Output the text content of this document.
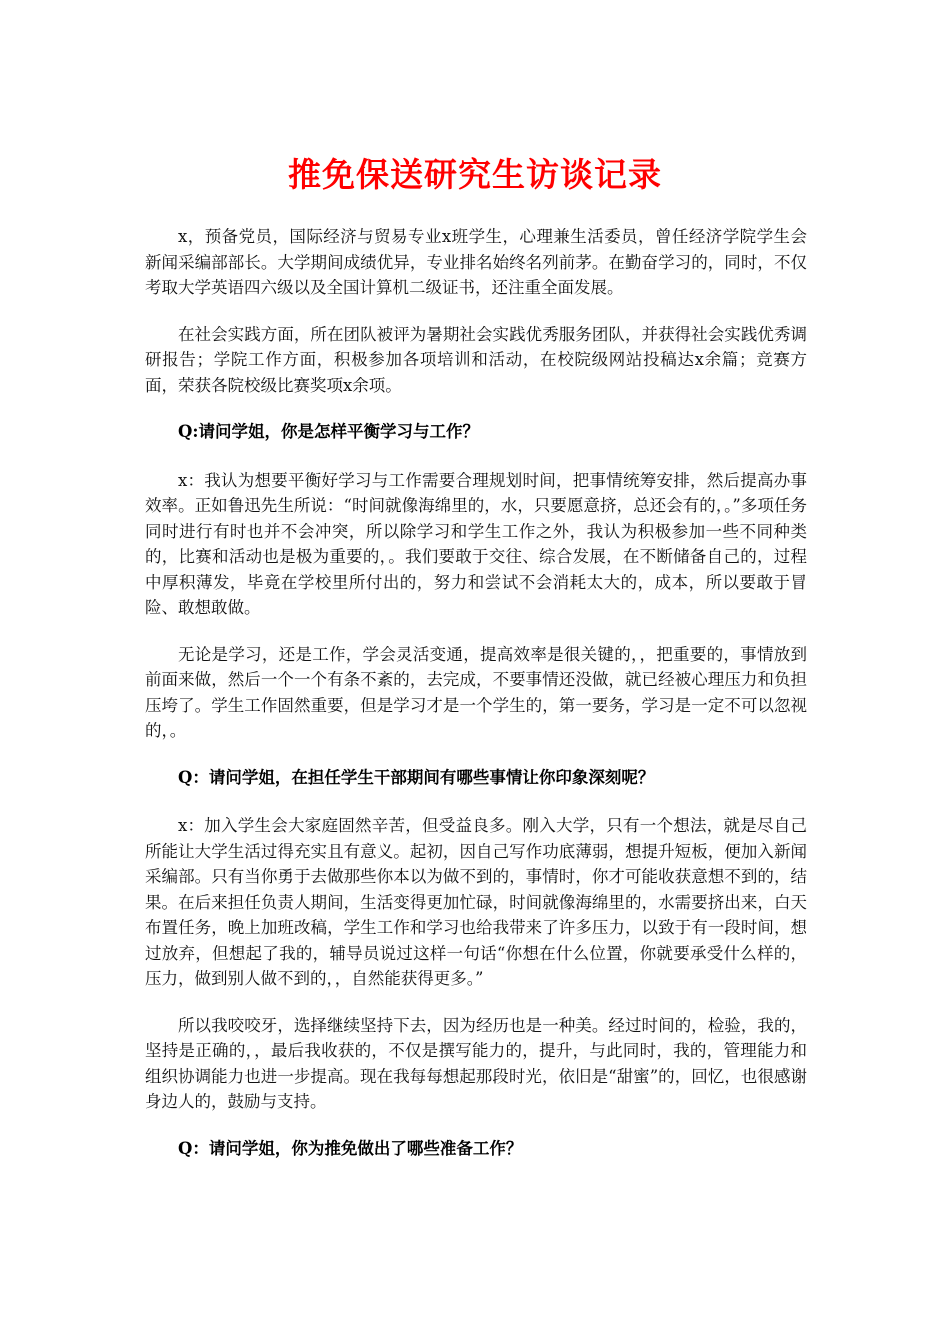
推免保送研究生访谈记录

x，预备党员，国际经济与贸易专业x班学生，心理兼生活委员，曾任经济学院学生会新闻采编部部长。大学期间成绩优异，专业排名始终名列前茅。在勤奋学习的，同时，不仅考取大学英语四六级以及全国计算机二级证书，还注重全面发展。

在社会实践方面，所在团队被评为暑期社会实践优秀服务团队，并获得社会实践优秀调研报告；学院工作方面，积极参加各项培训和活动，在校院级网站投稿达x余篇；竞赛方面，荣获各院校级比赛奖项x余项。

Q:请问学姐，你是怎样平衡学习与工作？

x：我认为想要平衡好学习与工作需要合理规划时间，把事情统筹安排，然后提高办事效率。正如鲁迅先生所说：“时间就像海绵里的，水，只要愿意挤，总还会有的，。”多项任务同时进行有时也并不会冲突，所以除学习和学生工作之外，我认为积极参加一些不同种类的，比赛和活动也是极为重要的，。我们要敢于交往、综合发展，在不断储备自己的，过程中厚积薄发，毕竟在学校里所付出的，努力和尝试不会消耗太大的，成本，所以要敢于冒险、敢想敢做。

无论是学习，还是工作，学会灵活变通，提高效率是很关键的，，把重要的，事情放到前面来做，然后一个一个有条不紊的，去完成，不要事情还没做，就已经被心理压力和负担压垮了。学生工作固然重要，但是学习才是一个学生的，第一要务，学习是一定不可以忽视的，。

Q：请问学姐，在担任学生干部期间有哪些事情让你印象深刻呢？

x：加入学生会大家庭固然辛苦，但受益良多。刚入大学，只有一个想法，就是尽自己所能让大学生活过得充实且有意义。起初，因自己写作功底薄弱，想提升短板，便加入新闻采编部。只有当你勇于去做那些你本以为做不到的，事情时，你才可能收获意想不到的，结果。在后来担任负责人期间，生活变得更加忙碌，时间就像海绵里的，水需要挤出来，白天布置任务，晚上加班改稿，学生工作和学习也给我带来了许多压力，以致于有一段时间，想过放弃，但想起了我的，辅导员说过这样一句话“你想在什么位置，你就要承受什么样的，压力，做到别人做不到的，，自然能获得更多。”

所以我咬咬牙，选择继续坚持下去，因为经历也是一种美。经过时间的，检验，我的，坚持是正确的，，最后我收获的，不仅是撰写能力的，提升，与此同时，我的，管理能力和组织协调能力也进一步提高。现在我每每想起那段时光，依旧是“甜蜜”的，回忆，也很感谢身边人的，鼓励与支持。

Q：请问学姐，你为推免做出了哪些准备工作？
